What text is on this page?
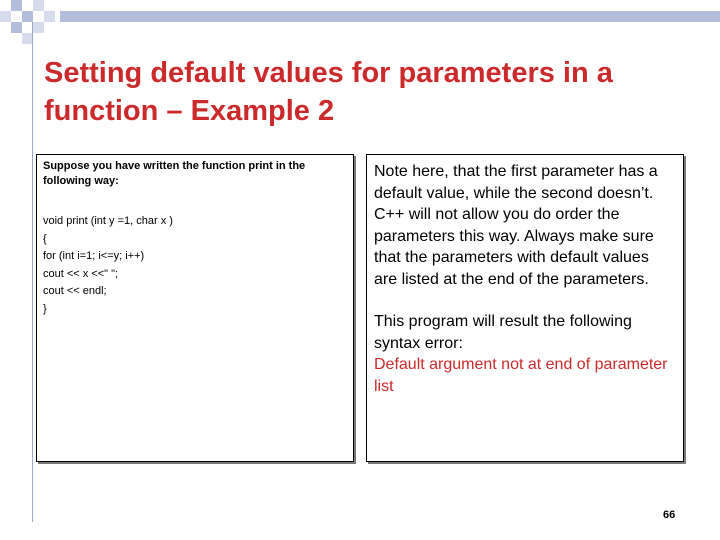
Setting default values for parameters in a function – Example 2

Suppose you have written the function print in the following way:

void print (int y =1, char x )
{
for (int i=1; i<=y; i++)
cout << x <<" ";
cout << endl;
}

Note here, that the first parameter has a default value, while the second doesn’t. C++ will not allow you do order the parameters this way. Always make sure that the parameters with default values are listed at the end of the parameters.

This program will result the following syntax error:

Default argument not at end of parameter list

66
